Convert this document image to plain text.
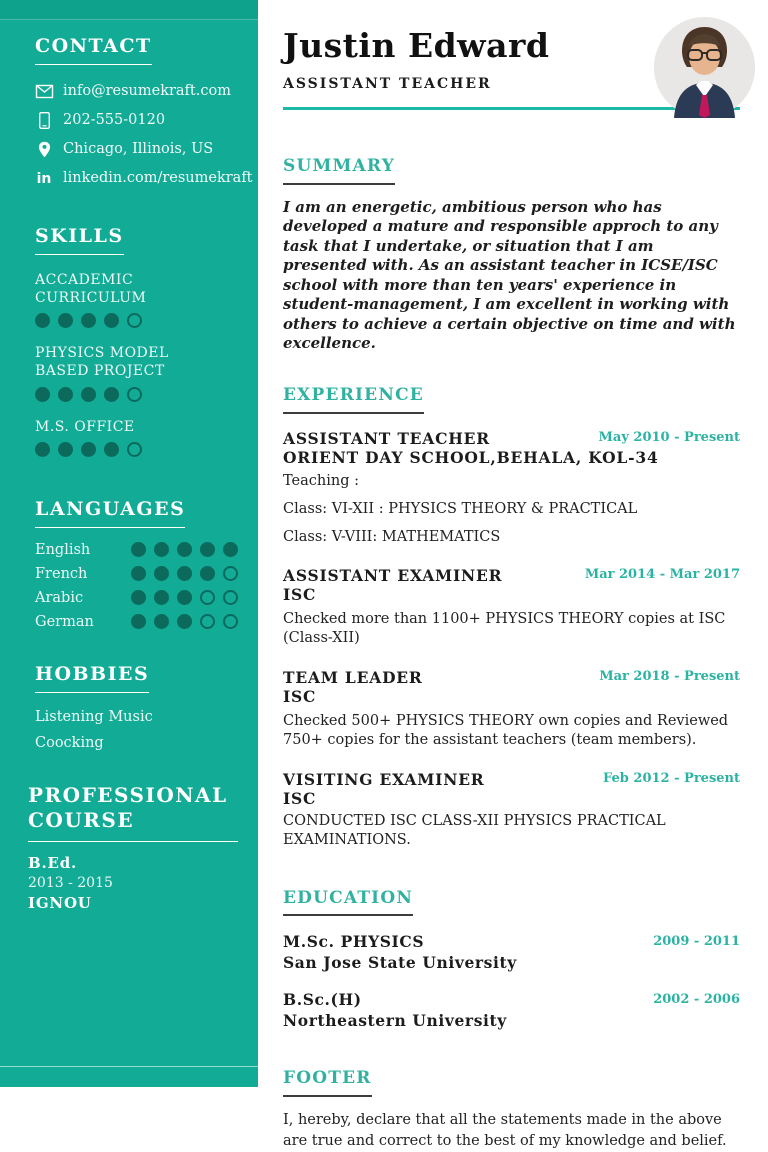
CONTACT
info@resumekraft.com
202-555-0120
Chicago, Illinois, US
in linkedin.com/resumekraft
SKILLS
ACCADEMIC CURRICULUM
PHYSICS MODEL BASED PROJECT
M.S. OFFICE
LANGUAGES
English
French
Arabic
German
HOBBIES
Listening Music
Coocking
PROFESSIONAL COURSE
B.Ed.
2013 - 2015
IGNOU
Justin Edward
ASSISTANT TEACHER
SUMMARY

I am an energetic, ambitious person who has developed a mature and responsible approch to any task that I undertake, or situation that I am presented with. As an assistant teacher in ICSE/ISC school with more than ten years' experience in student-management, I am excellent in working with others to achieve a certain objective on time and with excellence.

EXPERIENCE
ASSISTANT TEACHER	May 2010 - Present
ORIENT DAY SCHOOL,BEHALA, KOL-34
Teaching :
Class: VI-XII : PHYSICS THEORY & PRACTICAL
Class: V-VIII: MATHEMATICS
ASSISTANT EXAMINER	Mar 2014 - Mar 2017
ISC
Checked more than 1100+ PHYSICS THEORY copies at ISC (Class-XII)
TEAM LEADER	Mar 2018 - Present
ISC
Checked 500+ PHYSICS THEORY own copies and Reviewed 750+ copies for the assistant teachers (team members).
VISITING EXAMINER	Feb 2012 - Present
ISC
CONDUCTED ISC CLASS-XII PHYSICS PRACTICAL EXAMINATIONS.
EDUCATION
M.Sc. PHYSICS
San Jose State University
2009 - 2011
B.Sc.(H)
Northeastern University
2002 - 2006
FOOTER

I, hereby, declare that all the statements made in the above are true and correct to the best of my knowledge and belief.
